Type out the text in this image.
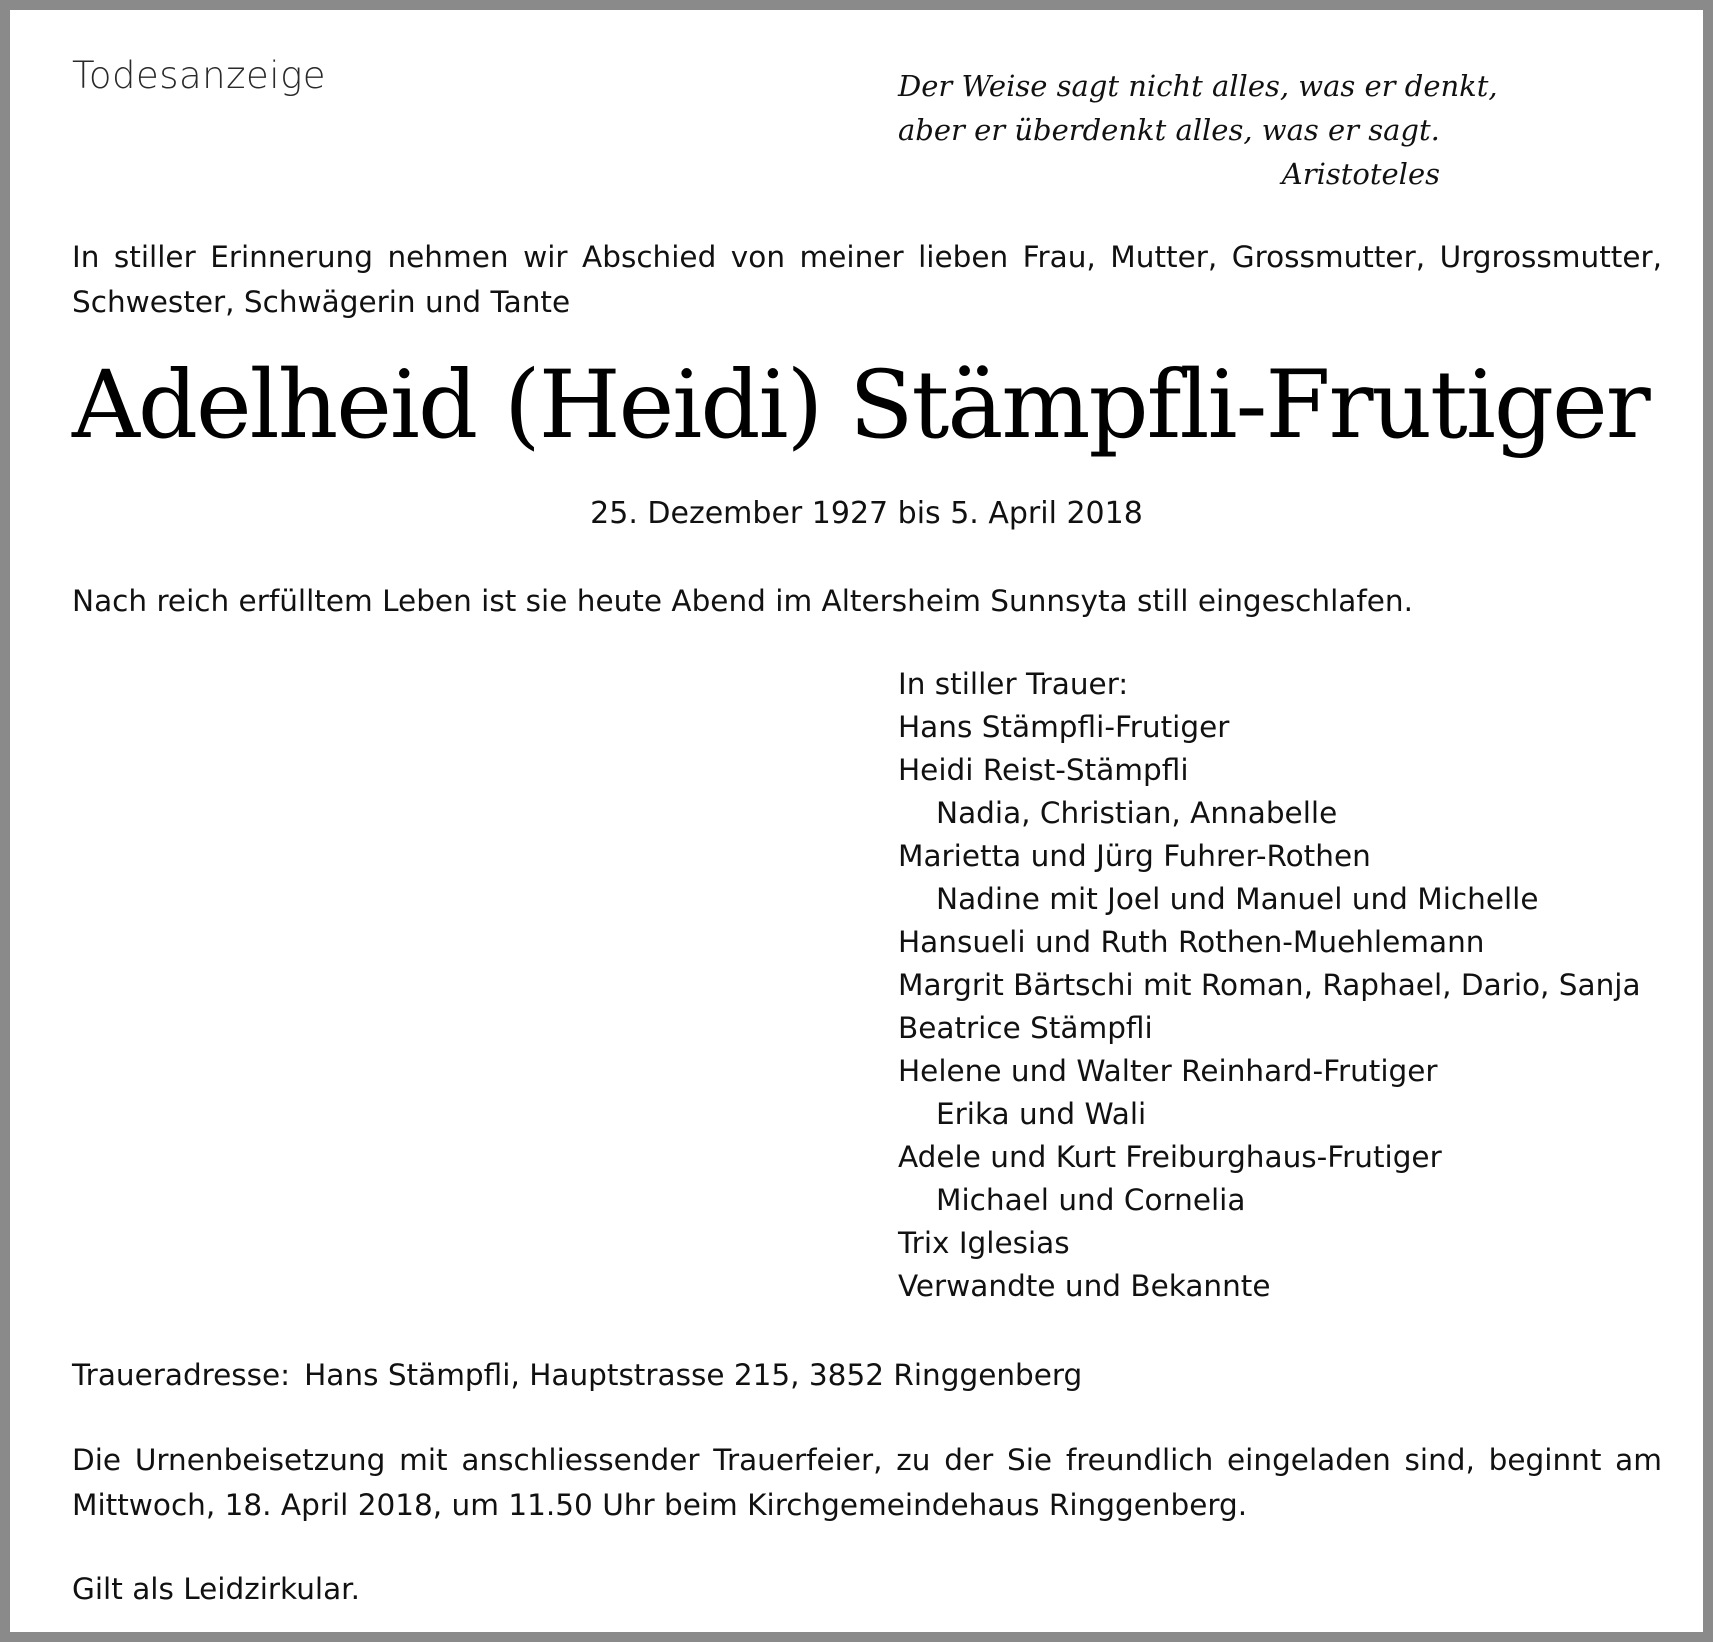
Todesanzeige	Der Weise sagt nicht alles, was er denkt,
aber er überdenkt alles, was er sagt.
Aristoteles
In stiller Erinnerung nehmen wir Abschied von meiner lieben Frau, Mutter, Grossmutter, Urgrossmutter, Schwester, Schwägerin und Tante
Adelheid (Heidi) Stämpfli-Frutiger
25. Dezember 1927 bis 5. April 2018
Nach reich erfülltem Leben ist sie heute Abend im Altersheim Sunnsyta still eingeschlafen.
In stiller Trauer:
Hans Stämpfli-Frutiger
Heidi Reist-Stämpfli
Nadia, Christian, Annabelle
Marietta und Jürg Fuhrer-Rothen
Nadine mit Joel und Manuel und Michelle
Hansueli und Ruth Rothen-Muehlemann
Margrit Bärtschi mit Roman, Raphael, Dario, Sanja
Beatrice Stämpfli
Helene und Walter Reinhard-Frutiger
Erika und Wali
Adele und Kurt Freiburghaus-Frutiger
Michael und Cornelia
Trix Iglesias
Verwandte und Bekannte
Traueradresse: Hans Stämpfli, Hauptstrasse 215, 3852 Ringgenberg
Die Urnenbeisetzung mit anschliessender Trauerfeier, zu der Sie freundlich eingeladen sind, beginnt am Mittwoch, 18. April 2018, um 11.50 Uhr beim Kirchgemeindehaus Ringgenberg.
Gilt als Leidzirkular.
